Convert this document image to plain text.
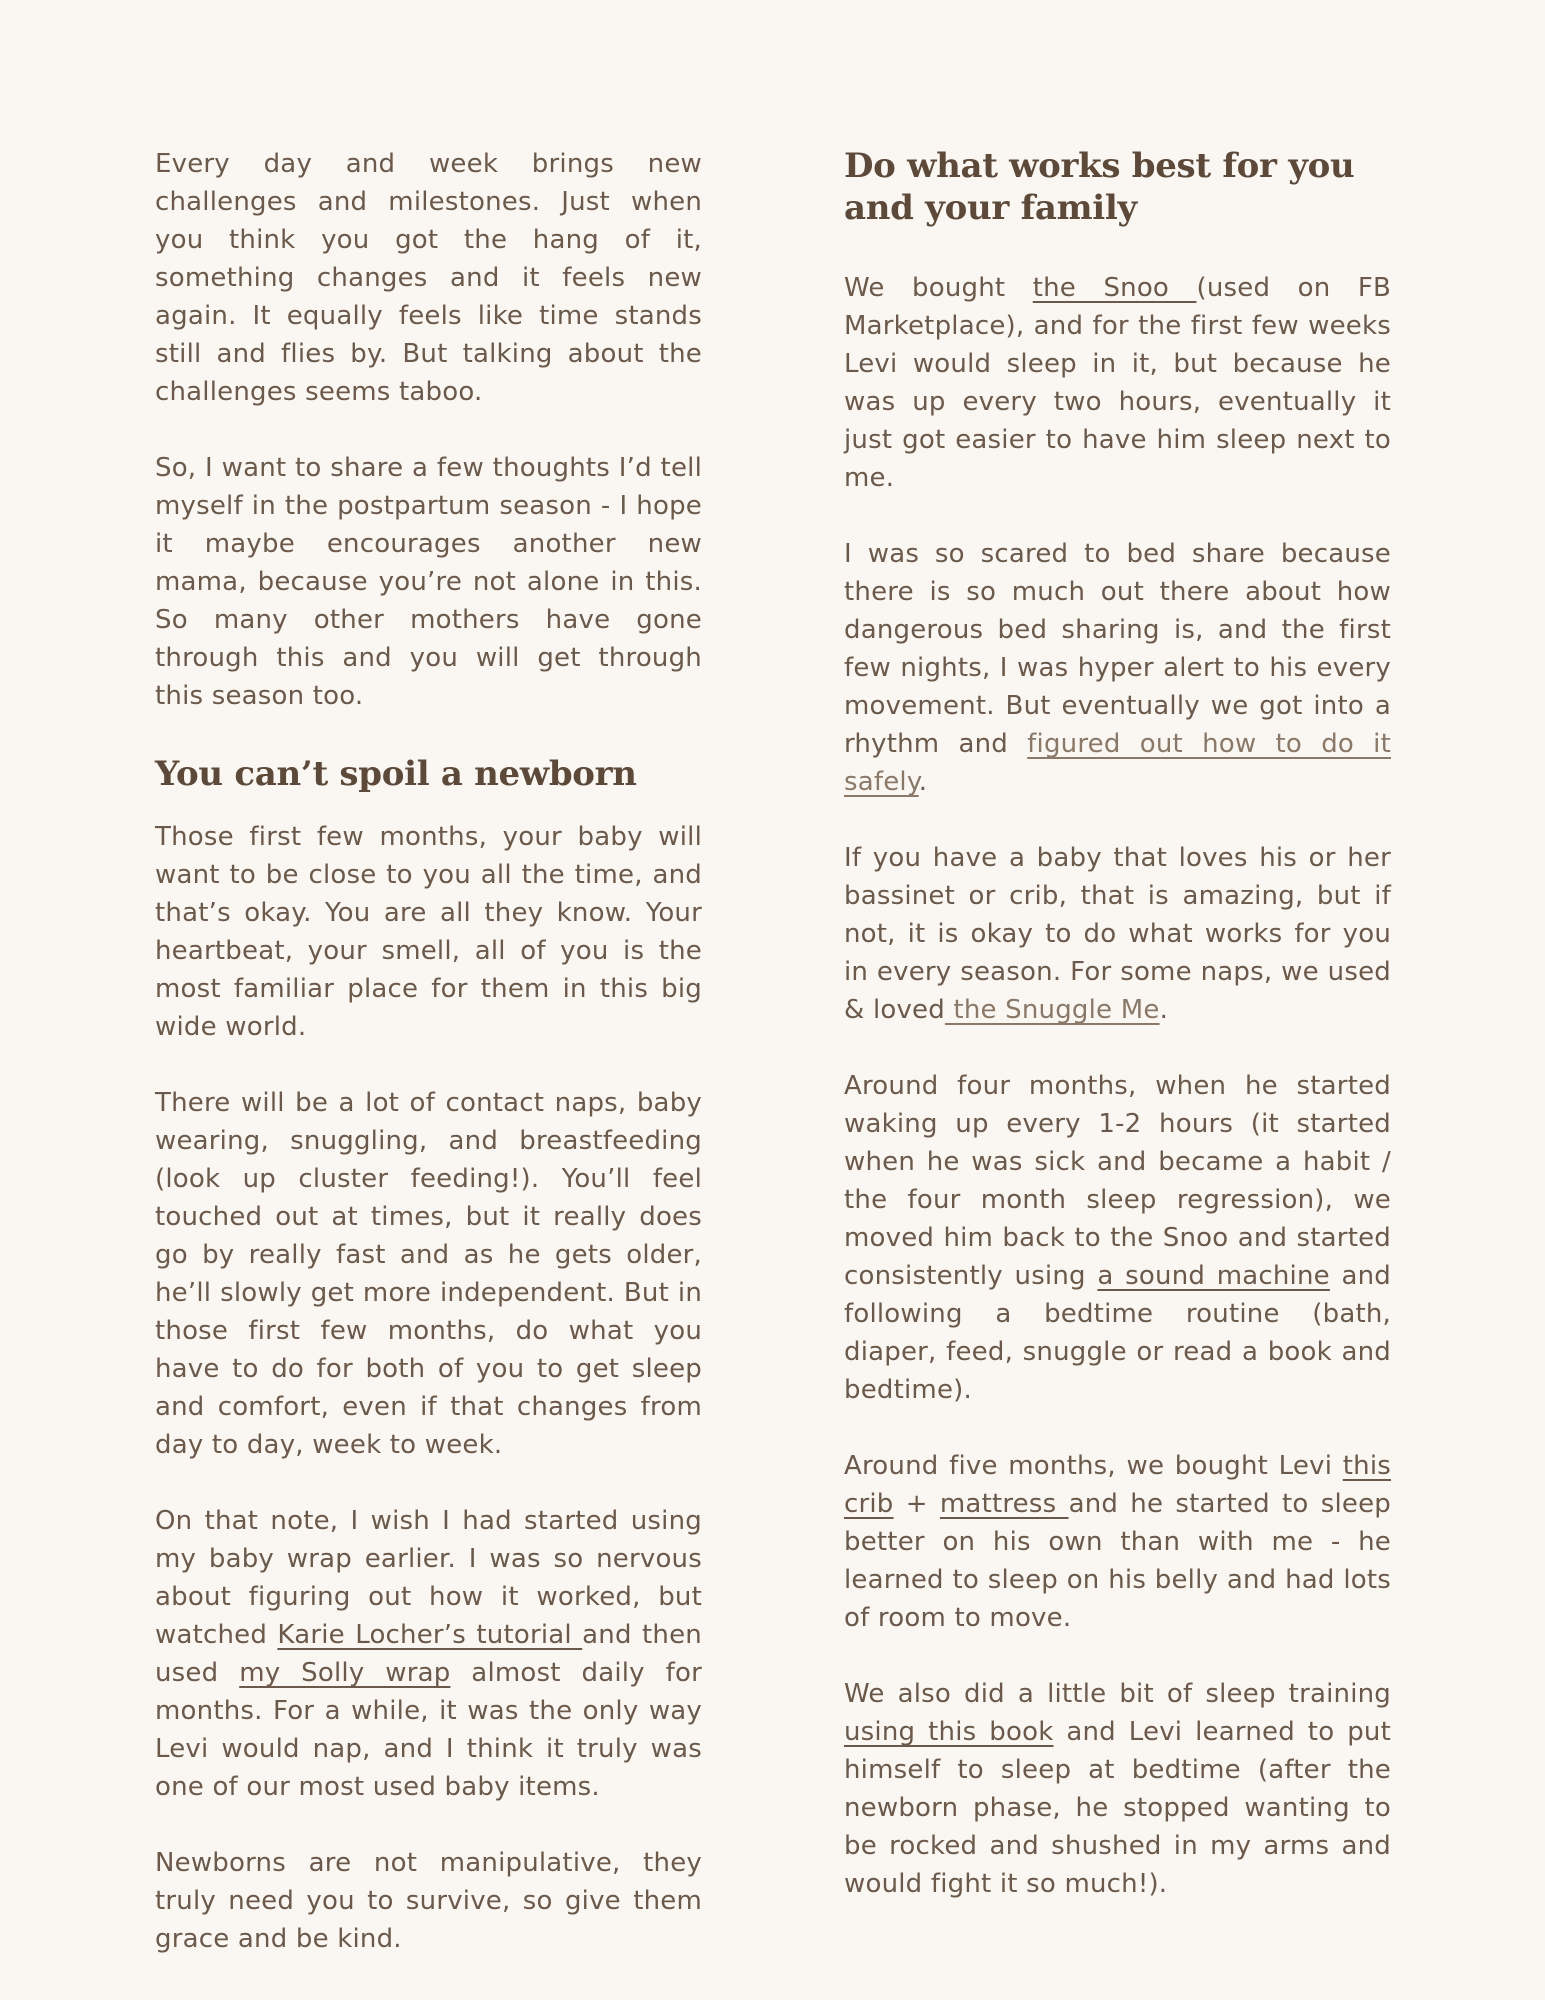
Every day and week brings new challenges and milestones. Just when you think you got the hang of it, something changes and it feels new again. It equally feels like time stands still and flies by. But talking about the challenges seems taboo.

So, I want to share a few thoughts I’d tell myself in the postpartum season - I hope it maybe encourages another new mama, because you’re not alone in this. So many other mothers have gone through this and you will get through this season too.

You can’t spoil a newborn

Those first few months, your baby will want to be close to you all the time, and that’s okay. You are all they know. Your heartbeat, your smell, all of you is the most familiar place for them in this big wide world.

There will be a lot of contact naps, baby wearing, snuggling, and breastfeeding (look up cluster feeding!). You’ll feel touched out at times, but it really does go by really fast and as he gets older, he’ll slowly get more independent. But in those first few months, do what you have to do for both of you to get sleep and comfort, even if that changes from day to day, week to week.

On that note, I wish I had started using my baby wrap earlier. I was so nervous about figuring out how it worked, but watched Karie Locher’s tutorial and then used my Solly wrap almost daily for months. For a while, it was the only way Levi would nap, and I think it truly was one of our most used baby items.

Newborns are not manipulative, they truly need you to survive, so give them grace and be kind.

Do what works best for you and your family

We bought the Snoo (used on FB Marketplace), and for the first few weeks Levi would sleep in it, but because he was up every two hours, eventually it just got easier to have him sleep next to me.

I was so scared to bed share because there is so much out there about how dangerous bed sharing is, and the first few nights, I was hyper alert to his every movement. But eventually we got into a rhythm and figured out how to do it safely.

If you have a baby that loves his or her bassinet or crib, that is amazing, but if not, it is okay to do what works for you in every season. For some naps, we used & loved the Snuggle Me.

Around four months, when he started waking up every 1-2 hours (it started when he was sick and became a habit / the four month sleep regression), we moved him back to the Snoo and started consistently using a sound machine and following a bedtime routine (bath, diaper, feed, snuggle or read a book and bedtime).

Around five months, we bought Levi this crib + mattress and he started to sleep better on his own than with me - he learned to sleep on his belly and had lots of room to move.

We also did a little bit of sleep training using this book and Levi learned to put himself to sleep at bedtime (after the newborn phase, he stopped wanting to be rocked and shushed in my arms and would fight it so much!).
